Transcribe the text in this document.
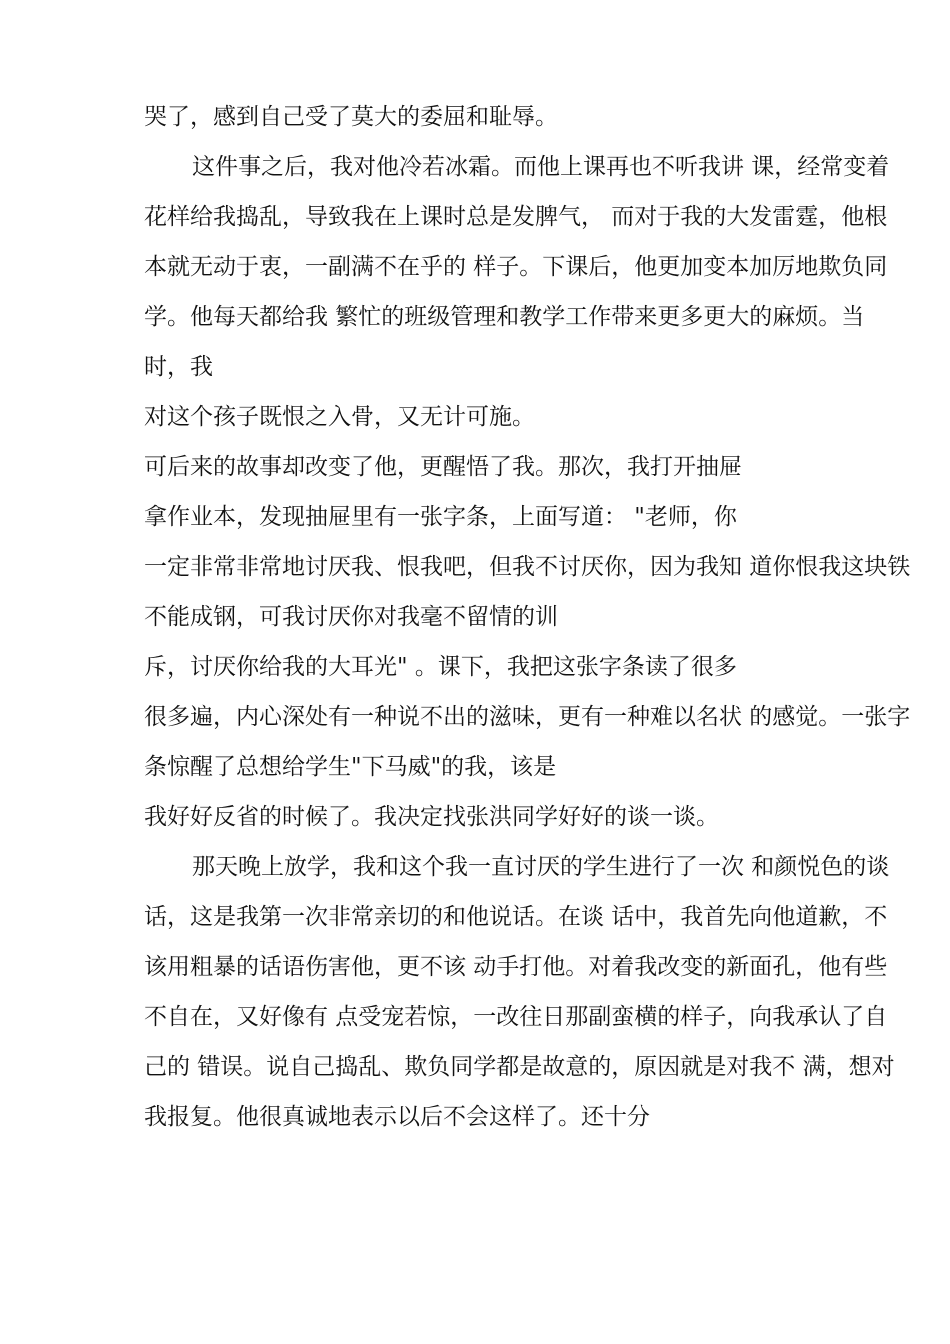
哭了，感到自己受了莫大的委屈和耻辱。
这件事之后，我对他冷若冰霜。而他上课再也不听我讲 课，经常变着
花样给我捣乱，导致我在上课时总是发脾气， 而对于我的大发雷霆，他根
本就无动于衷，一副满不在乎的 样子。下课后，他更加变本加厉地欺负同
学。他每天都给我 繁忙的班级管理和教学工作带来更多更大的麻烦。当
时，我
对这个孩子既恨之入骨，又无计可施。
可后来的故事却改变了他，更醒悟了我。那次，我打开抽屉
拿作业本，发现抽屉里有一张字条，上面写道： "老师，你
一定非常非常地讨厌我、恨我吧，但我不讨厌你，因为我知 道你恨我这块铁
不能成钢，可我讨厌你对我毫不留情的训
斥，讨厌你给我的大耳光" 。课下，我把这张字条读了很多
很多遍，内心深处有一种说不出的滋味，更有一种难以名状 的感觉。一张字
条惊醒了总想给学生"下马威"的我，该是
我好好反省的时候了。我决定找张洪同学好好的谈一谈。
那天晚上放学，我和这个我一直讨厌的学生进行了一次 和颜悦色的谈
话，这是我第一次非常亲切的和他说话。在谈 话中，我首先向他道歉，不
该用粗暴的话语伤害他，更不该 动手打他。对着我改变的新面孔，他有些
不自在，又好像有 点受宠若惊，一改往日那副蛮横的样子，向我承认了自
己的 错误。说自己捣乱、欺负同学都是故意的，原因就是对我不 满，想对
我报复。他很真诚地表示以后不会这样了。还十分
